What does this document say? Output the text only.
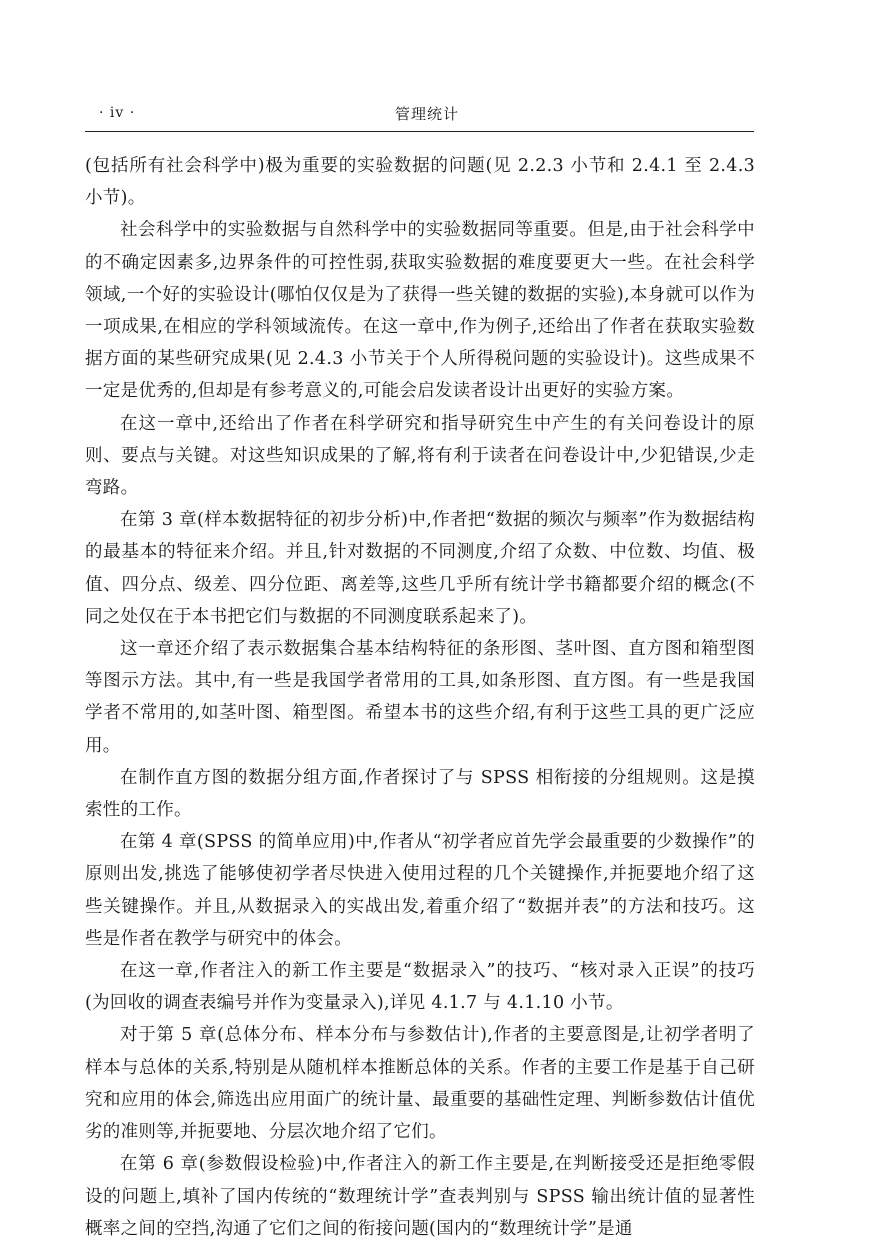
· iv ·	管理统计

(包括所有社会科学中)极为重要的实验数据的问题(见 2.2.3 小节和 2.4.1 至 2.4.3 小节)。

社会科学中的实验数据与自然科学中的实验数据同等重要。但是,由于社会科学中的不确定因素多,边界条件的可控性弱,获取实验数据的难度要更大一些。在社会科学领域,一个好的实验设计(哪怕仅仅是为了获得一些关键的数据的实验),本身就可以作为一项成果,在相应的学科领域流传。在这一章中,作为例子,还给出了作者在获取实验数据方面的某些研究成果(见 2.4.3 小节关于个人所得税问题的实验设计)。这些成果不一定是优秀的,但却是有参考意义的,可能会启发读者设计出更好的实验方案。

在这一章中,还给出了作者在科学研究和指导研究生中产生的有关问卷设计的原则、要点与关键。对这些知识成果的了解,将有利于读者在问卷设计中,少犯错误,少走弯路。

在第 3 章(样本数据特征的初步分析)中,作者把“数据的频次与频率”作为数据结构的最基本的特征来介绍。并且,针对数据的不同测度,介绍了众数、中位数、均值、极值、四分点、级差、四分位距、离差等,这些几乎所有统计学书籍都要介绍的概念(不同之处仅在于本书把它们与数据的不同测度联系起来了)。

这一章还介绍了表示数据集合基本结构特征的条形图、茎叶图、直方图和箱型图等图示方法。其中,有一些是我国学者常用的工具,如条形图、直方图。有一些是我国学者不常用的,如茎叶图、箱型图。希望本书的这些介绍,有利于这些工具的更广泛应用。

在制作直方图的数据分组方面,作者探讨了与 SPSS 相衔接的分组规则。这是摸索性的工作。

在第 4 章(SPSS 的简单应用)中,作者从“初学者应首先学会最重要的少数操作”的原则出发,挑选了能够使初学者尽快进入使用过程的几个关键操作,并扼要地介绍了这些关键操作。并且,从数据录入的实战出发,着重介绍了“数据并表”的方法和技巧。这些是作者在教学与研究中的体会。

在这一章,作者注入的新工作主要是“数据录入”的技巧、“核对录入正误”的技巧(为回收的调查表编号并作为变量录入),详见 4.1.7 与 4.1.10 小节。

对于第 5 章(总体分布、样本分布与参数估计),作者的主要意图是,让初学者明了样本与总体的关系,特别是从随机样本推断总体的关系。作者的主要工作是基于自己研究和应用的体会,筛选出应用面广的统计量、最重要的基础性定理、判断参数估计值优劣的准则等,并扼要地、分层次地介绍了它们。

在第 6 章(参数假设检验)中,作者注入的新工作主要是,在判断接受还是拒绝零假设的问题上,填补了国内传统的“数理统计学”查表判别与 SPSS 输出统计值的显著性概率之间的空挡,沟通了它们之间的衔接问题(国内的“数理统计学”是通
